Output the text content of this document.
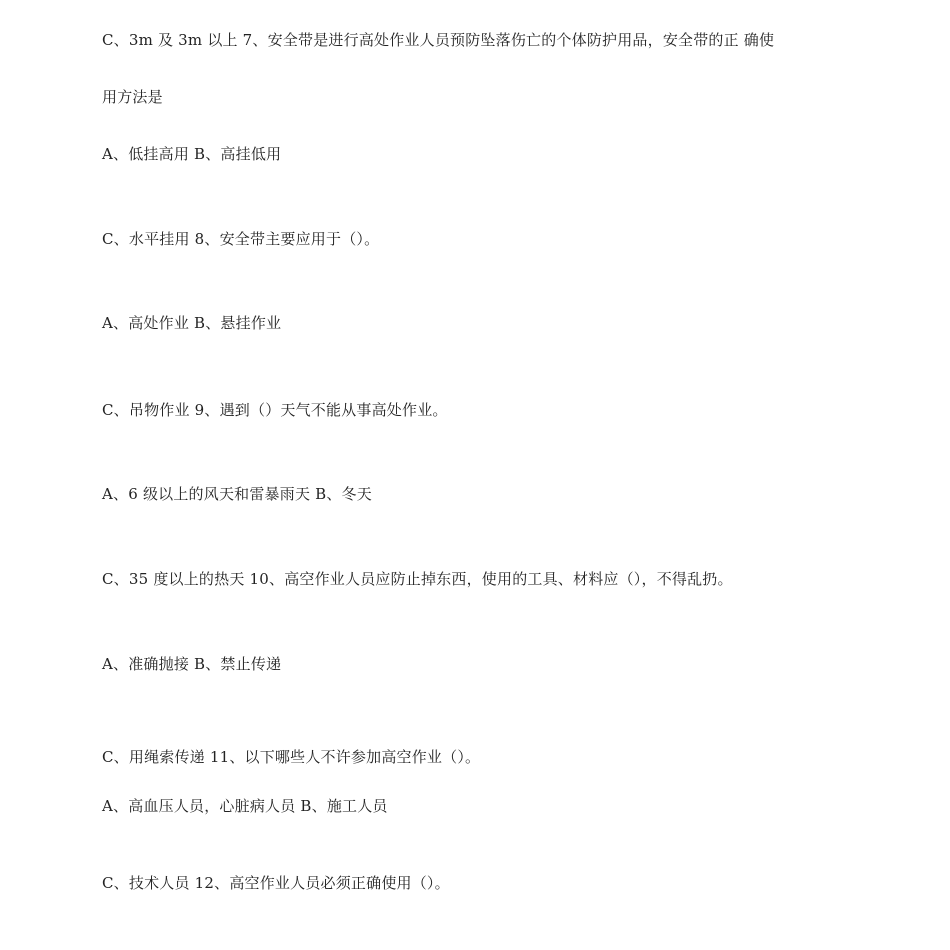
C、3m 及 3m 以上 7、安全带是进行高处作业人员预防坠落伤亡的个体防护用品，安全带的正 确使
用方法是
A、低挂高用 B、高挂低用
C、水平挂用 8、安全带主要应用于（）。
A、高处作业 B、悬挂作业
C、吊物作业 9、遇到（）天气不能从事高处作业。
A、6 级以上的风天和雷暴雨天 B、冬天
C、35 度以上的热天 10、高空作业人员应防止掉东西，使用的工具、材料应（），不得乱扔。
A、准确抛接 B、禁止传递
C、用绳索传递 11、以下哪些人不许参加高空作业（）。
A、高血压人员，心脏病人员 B、施工人员
C、技术人员 12、高空作业人员必须正确使用（）。
